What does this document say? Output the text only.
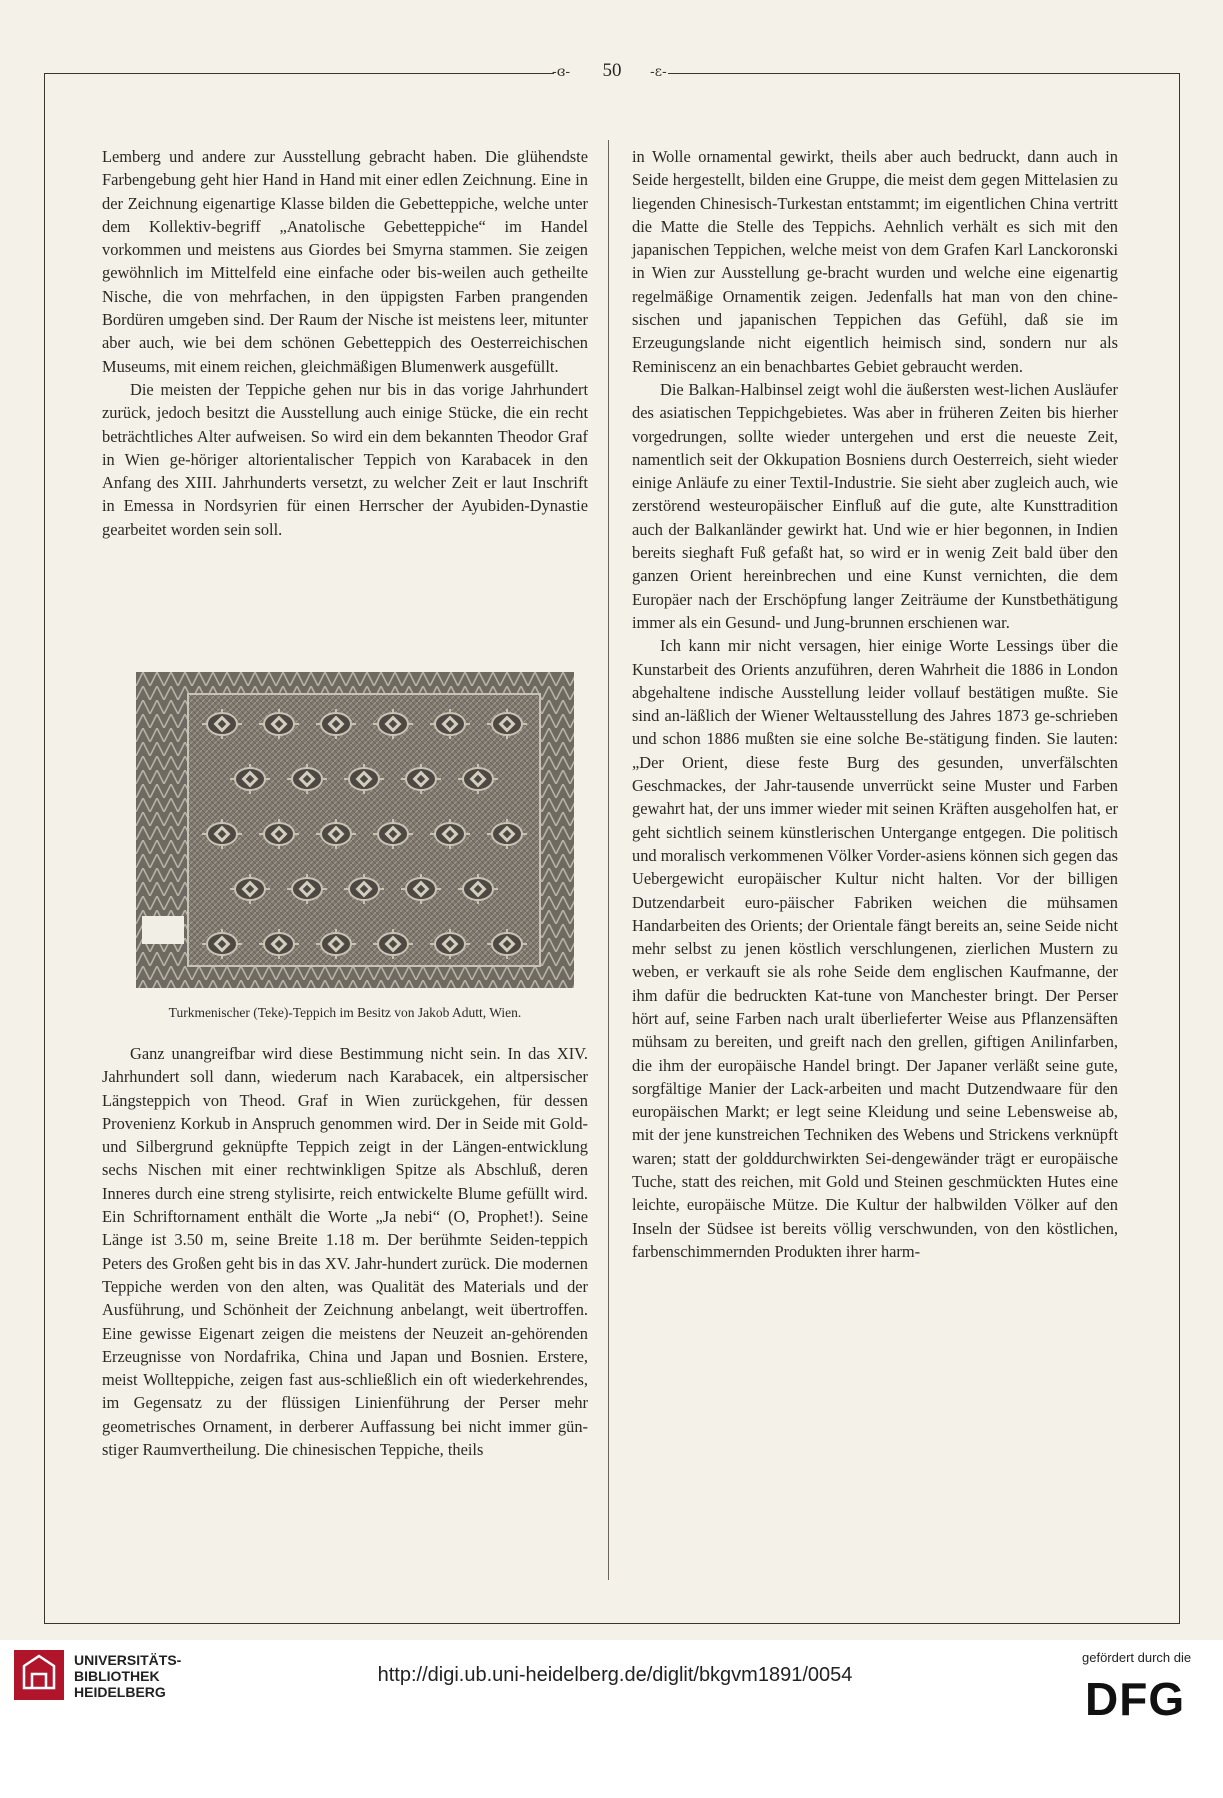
-ɞ-	50	-ɛ-

Lemberg und andere zur Ausstellung gebracht haben. Die glühendste Farbengebung geht hier Hand in Hand mit einer edlen Zeichnung. Eine in der Zeichnung eigenartige Klasse bilden die Gebetteppiche, welche unter dem Kollektiv-begriff „Anatolische Gebetteppiche“ im Handel vorkommen und meistens aus Giordes bei Smyrna stammen. Sie zeigen gewöhnlich im Mittelfeld eine einfache oder bis-weilen auch getheilte Nische, die von mehrfachen, in den üppigsten Farben prangenden Bordüren umgeben sind. Der Raum der Nische ist meistens leer, mitunter aber auch, wie bei dem schönen Gebetteppich des Oesterreichischen Museums, mit einem reichen, gleichmäßigen Blumenwerk ausgefüllt.

Die meisten der Teppiche gehen nur bis in das vorige Jahrhundert zurück, jedoch besitzt die Ausstellung auch einige Stücke, die ein recht beträchtliches Alter aufweisen. So wird ein dem bekannten Theodor Graf in Wien ge-höriger altorientalischer Teppich von Karabacek in den Anfang des XIII. Jahrhunderts versetzt, zu welcher Zeit er laut Inschrift in Emessa in Nordsyrien für einen Herrscher der Ayubiden-Dynastie gearbeitet worden sein soll.

Turkmenischer (Teke)-Teppich im Besitz von Jakob Adutt, Wien.

Ganz unangreifbar wird diese Bestimmung nicht sein. In das XIV. Jahrhundert soll dann, wiederum nach Karabacek, ein altpersischer Längsteppich von Theod. Graf in Wien zurückgehen, für dessen Provenienz Korkub in Anspruch genommen wird. Der in Seide mit Gold- und Silbergrund geknüpfte Teppich zeigt in der Längen-entwicklung sechs Nischen mit einer rechtwinkligen Spitze als Abschluß, deren Inneres durch eine streng stylisirte, reich entwickelte Blume gefüllt wird. Ein Schriftornament enthält die Worte „Ja nebi“ (O, Prophet!). Seine Länge ist 3.50 m, seine Breite 1.18 m. Der berühmte Seiden-teppich Peters des Großen geht bis in das XV. Jahr-hundert zurück. Die modernen Teppiche werden von den alten, was Qualität des Materials und der Ausführung, und Schönheit der Zeichnung anbelangt, weit übertroffen. Eine gewisse Eigenart zeigen die meistens der Neuzeit an-gehörenden Erzeugnisse von Nordafrika, China und Japan und Bosnien. Erstere, meist Wollteppiche, zeigen fast aus-schließlich ein oft wiederkehrendes, im Gegensatz zu der flüssigen Linienführung der Perser mehr geometrisches Ornament, in derberer Auffassung bei nicht immer gün-stiger Raumvertheilung. Die chinesischen Teppiche, theils

in Wolle ornamental gewirkt, theils aber auch bedruckt, dann auch in Seide hergestellt, bilden eine Gruppe, die meist dem gegen Mittelasien zu liegenden Chinesisch-Turkestan entstammt; im eigentlichen China vertritt die Matte die Stelle des Teppichs. Aehnlich verhält es sich mit den japanischen Teppichen, welche meist von dem Grafen Karl Lanckoronski in Wien zur Ausstellung ge-bracht wurden und welche eine eigenartig regelmäßige Ornamentik zeigen. Jedenfalls hat man von den chine-sischen und japanischen Teppichen das Gefühl, daß sie im Erzeugungslande nicht eigentlich heimisch sind, sondern nur als Reminiscenz an ein benachbartes Gebiet gebraucht werden.

Die Balkan-Halbinsel zeigt wohl die äußersten west-lichen Ausläufer des asiatischen Teppichgebietes. Was aber in früheren Zeiten bis hierher vorgedrungen, sollte wieder untergehen und erst die neueste Zeit, namentlich seit der Okkupation Bosniens durch Oesterreich, sieht wieder einige Anläufe zu einer Textil-Industrie. Sie sieht aber zugleich auch, wie zerstörend westeuropäischer Einfluß auf die gute, alte Kunsttradition auch der Balkanländer gewirkt hat. Und wie er hier begonnen, in Indien bereits sieghaft Fuß gefaßt hat, so wird er in wenig Zeit bald über den ganzen Orient hereinbrechen und eine Kunst vernichten, die dem Europäer nach der Erschöpfung langer Zeiträume der Kunstbethätigung immer als ein Gesund- und Jung-brunnen erschienen war.

Ich kann mir nicht versagen, hier einige Worte Lessings über die Kunstarbeit des Orients anzuführen, deren Wahrheit die 1886 in London abgehaltene indische Ausstellung leider vollauf bestätigen mußte. Sie sind an-läßlich der Wiener Weltausstellung des Jahres 1873 ge-schrieben und schon 1886 mußten sie eine solche Be-stätigung finden. Sie lauten: „Der Orient, diese feste Burg des gesunden, unverfälschten Geschmackes, der Jahr-tausende unverrückt seine Muster und Farben gewahrt hat, der uns immer wieder mit seinen Kräften ausgeholfen hat, er geht sichtlich seinem künstlerischen Untergange entgegen. Die politisch und moralisch verkommenen Völker Vorder-asiens können sich gegen das Uebergewicht europäischer Kultur nicht halten. Vor der billigen Dutzendarbeit euro-päischer Fabriken weichen die mühsamen Handarbeiten des Orients; der Orientale fängt bereits an, seine Seide nicht mehr selbst zu jenen köstlich verschlungenen, zierlichen Mustern zu weben, er verkauft sie als rohe Seide dem englischen Kaufmanne, der ihm dafür die bedruckten Kat-tune von Manchester bringt. Der Perser hört auf, seine Farben nach uralt überlieferter Weise aus Pflanzensäften mühsam zu bereiten, und greift nach den grellen, giftigen Anilinfarben, die ihm der europäische Handel bringt. Der Japaner verläßt seine gute, sorgfältige Manier der Lack-arbeiten und macht Dutzendwaare für den europäischen Markt; er legt seine Kleidung und seine Lebensweise ab, mit der jene kunstreichen Techniken des Webens und Strickens verknüpft waren; statt der golddurchwirkten Sei-dengewänder trägt er europäische Tuche, statt des reichen, mit Gold und Steinen geschmückten Hutes eine leichte, europäische Mütze. Die Kultur der halbwilden Völker auf den Inseln der Südsee ist bereits völlig verschwunden, von den köstlichen, farbenschimmernden Produkten ihrer harm-

UNIVERSITÄTS-
BIBLIOTHEK
HEIDELBERG
http://digi.ub.uni-heidelberg.de/diglit/bkgvm1891/0054
gefördert durch die
DFG
